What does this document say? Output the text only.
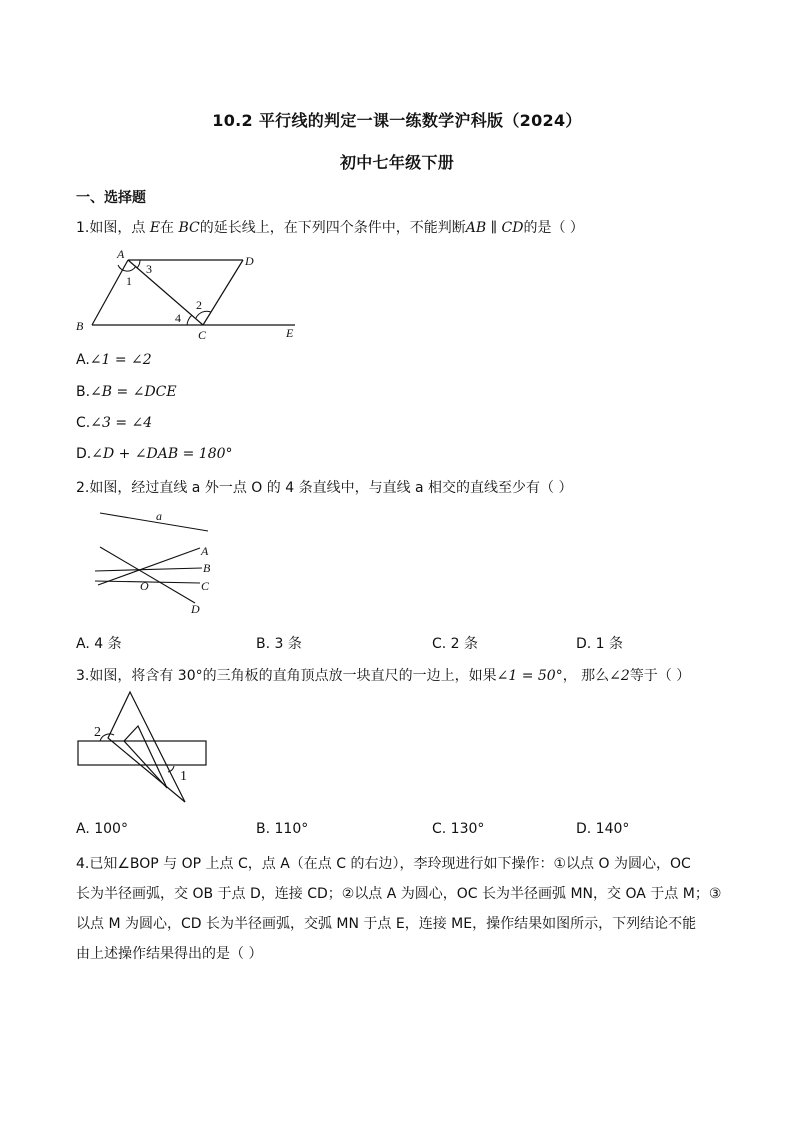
10.2 平行线的判定一课一练数学沪科版（2024）
初中七年级下册
一、选择题
1.如图，点 E在 BC的延长线上，在下列四个条件中，不能判断AB ∥ CD的是（ ）
A	D
B
C	E
1
3
2
4
A.∠1 = ∠2
B.∠B = ∠DCE
C.∠3 = ∠4
D.∠D + ∠DAB = 180°
2.如图，经过直线 a 外一点 O 的 4 条直线中，与直线 a 相交的直线至少有（ ）
a
O
A
B
C
D
A. 4 条	B. 3 条	C. 2 条	D. 1 条
3.如图，将含有 30°的三角板的直角顶点放一块直尺的一边上，如果∠1 = 50°， 那么∠2等于（ ）
2
1
A. 100°	B. 110°	C. 130°	D. 140°
4.已知∠BOP 与 OP 上点 C，点 A（在点 C 的右边），李玲现进行如下操作：①以点 O 为圆心，OC
长为半径画弧，交 OB 于点 D，连接 CD；②以点 A 为圆心，OC 长为半径画弧 MN，交 OA 于点 M；③
以点 M 为圆心，CD 长为半径画弧，交弧 MN 于点 E，连接 ME，操作结果如图所示，下列结论不能
由上述操作结果得出的是（ ）
